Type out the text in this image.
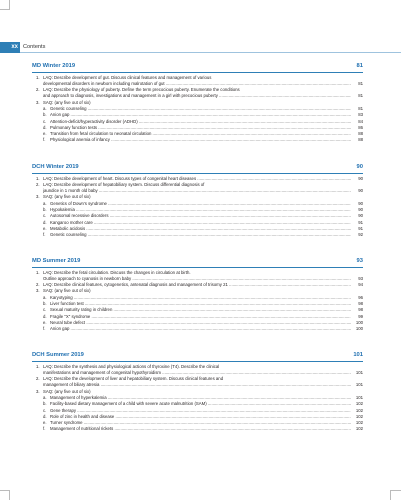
xx Contents
MD Winter 2019	81
1. LAQ: Describe development of gut. Discuss clinical features and management of various
developmental disorders in newborn including malrotation of gut .....	81
2. LAQ: Describe the physiology of puberty. Define the term precocious puberty. Enumerate the conditions
and approach to diagnosis, investigations and management in a girl with precocious puberty .....	81
3. SAQ: (any five out of six)
a. Genetic counseling .....	81
b. Anion gap .....	83
c. Attention-deficit/hyperactivity disorder (ADHD) .....	84
d. Pulmonary function tests .....	86
e. Transition from fetal circulation to neonatal circulation .....	88
f. Physiological anemia of infancy .....	88
DCH Winter 2019	90
1. LAQ: Describe development of heart. Discuss types of congenital heart diseases .....	90
2. LAQ: Describe development of hepatobiliary system. Discuss differential diagnosis of
jaundice in 1 month old baby .....	90
3. SAQ: (any five out of six)
a. Genetics of Down's syndrome .....	90
b. Hypokalemia .....	90
c. Autosomal recessive disorders .....	90
d. Kangaroo mother care .....	91
e. Metabolic acidosis .....	91
f. Genetic counseling .....	92
MD Summer 2019	93
1. LAQ: Describe the fetal circulation. Discuss the changes in circulation at birth.
Outline approach to cyanosis in newborn baby .....	93
2. LAQ: Describe clinical features, cytogenetics, antenatal diagnosis and management of trisomy 21 .....	94
3. SAQ: (any five out of six)
a. Karyotyping .....	96
b. Liver function test .....	98
c. Sexual maturity rating in children .....	98
d. Fragile "X" syndrome .....	99
e. Neural tube defect .....	100
f. Anion gap .....	100
DCH Summer 2019	101
1. LAQ: Describe the synthesis and physiological actions of thyroxine (T4). Describe the clinical
manifestations and management of congenital hypothyroidism .....	101
2. LAQ: Describe the development of liver and hepatobiliary system. Discuss clinical features and
management of biliary atresia .....	101
3. SAQ: (any five out of six)
a. Management of hyperkalemia .....	101
b. Facility-based dietary management of a child with severe acute malnutrition (SAM) .....	102
c. Gene therapy .....	102
d. Role of zinc in health and disease .....	102
e. Turner syndrome .....	102
f. Management of nutritional rickets .....	102
